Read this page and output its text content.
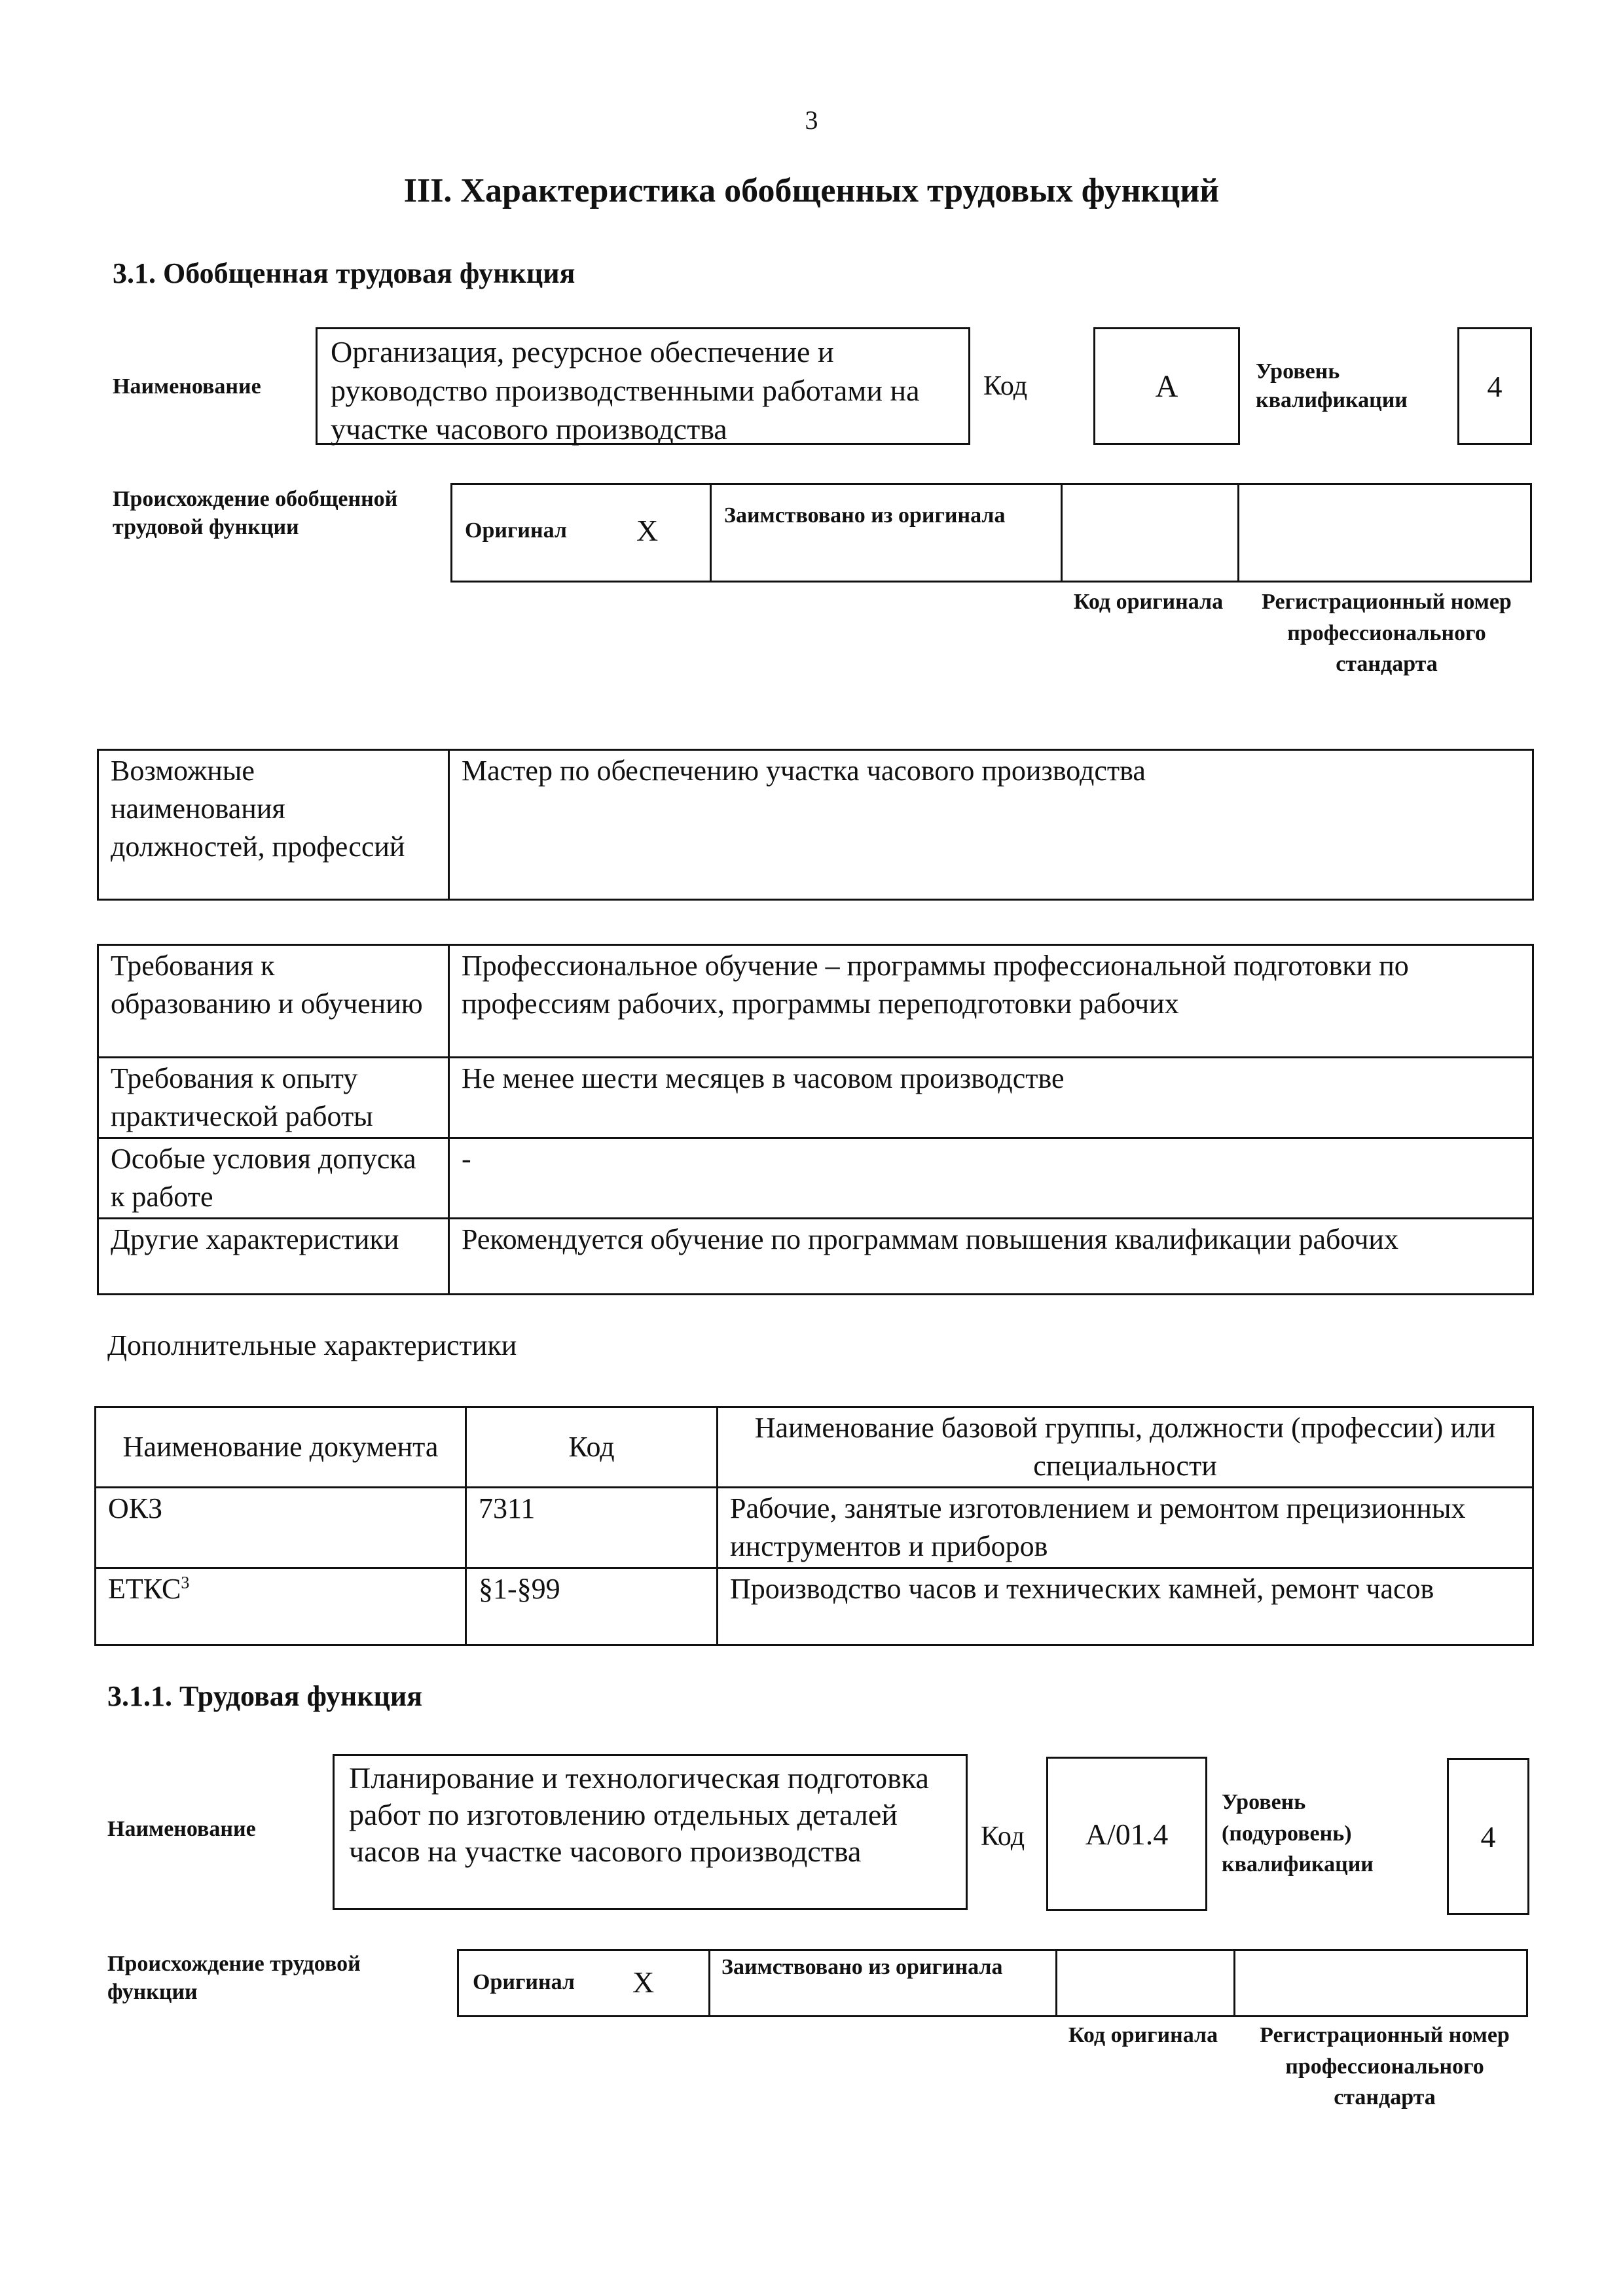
3
III. Характеристика обобщенных трудовых функций
3.1. Обобщенная трудовая функция
Наименование
Организация, ресурсное обеспечение и руководство производственными работами на участке часового производства
Код	A	Уровень квалификации	4
Происхождение обобщенной трудовой функции	Оригинал X	Заимствовано из оригинала
Код оригинала	Регистрационный номер профессионального стандарта
Возможные наименования должностей, профессий	Мастер по обеспечению участка часового производства
Требования к образованию и обучению	Профессиональное обучение – программы профессиональной подготовки по профессиям рабочих, программы переподготовки рабочих
Требования к опыту практической работы	Не менее шести месяцев в часовом производстве
Особые условия допуска к работе	-
Другие характеристики	Рекомендуется обучение по программам повышения квалификации рабочих
Дополнительные характеристики
Наименование документа	Код	Наименование базовой группы, должности (профессии) или специальности
ОКЗ	7311	Рабочие, занятые изготовлением и ремонтом прецизионных инструментов и приборов
ЕТКС$^3$	§1-§99	Производство часов и технических камней, ремонт часов
3.1.1. Трудовая функция
Наименование
Планирование и технологическая подготовка работ по изготовлению отдельных деталей часов на участке часового производства	Код	A/01.4
Уровень (подуровень) квалификации
4
Происхождение трудовой функции	Оригинал X	Заимствовано из оригинала
Код оригинала	Регистрационный номер профессионального стандарта
